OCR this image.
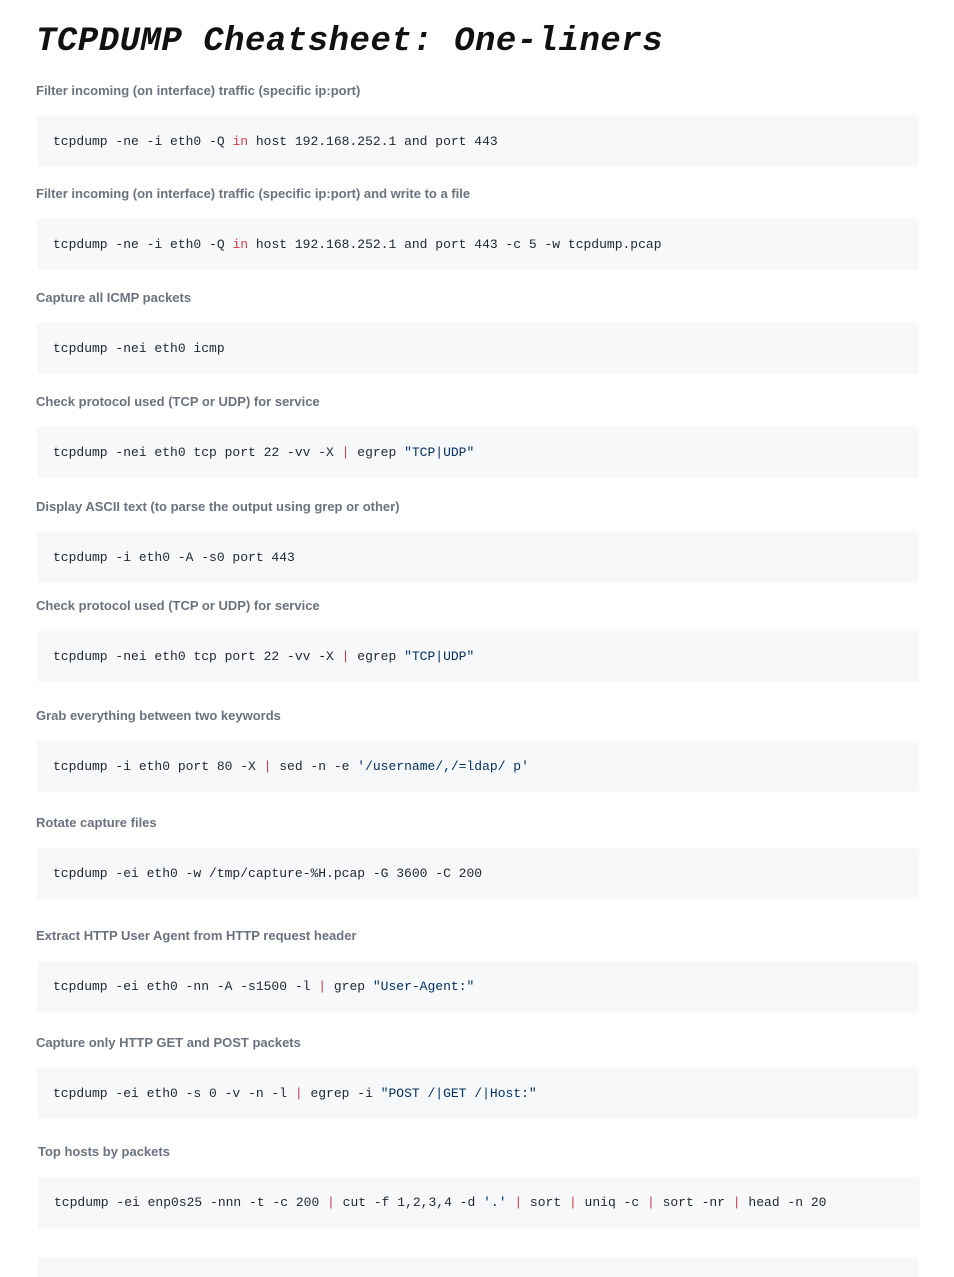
TCPDUMP Cheatsheet: One-liners
Filter incoming (on interface) traffic (specific ip:port)
tcpdump -ne -i eth0 -Q in host 192.168.252.1 and port 443
Filter incoming (on interface) traffic (specific ip:port) and write to a file
tcpdump -ne -i eth0 -Q in host 192.168.252.1 and port 443 -c 5 -w tcpdump.pcap
Capture all ICMP packets
tcpdump -nei eth0 icmp
Check protocol used (TCP or UDP) for service
tcpdump -nei eth0 tcp port 22 -vv -X | egrep "TCP|UDP"
Display ASCII text (to parse the output using grep or other)
tcpdump -i eth0 -A -s0 port 443
Check protocol used (TCP or UDP) for service
tcpdump -nei eth0 tcp port 22 -vv -X | egrep "TCP|UDP"
Grab everything between two keywords
tcpdump -i eth0 port 80 -X | sed -n -e '/username/,/=ldap/ p'
Rotate capture files
tcpdump -ei eth0 -w /tmp/capture-%H.pcap -G 3600 -C 200
Extract HTTP User Agent from HTTP request header
tcpdump -ei eth0 -nn -A -s1500 -l | grep "User-Agent:"
Capture only HTTP GET and POST packets
tcpdump -ei eth0 -s 0 -v -n -l | egrep -i "POST /|GET /|Host:"
Top hosts by packets
tcpdump -ei enp0s25 -nnn -t -c 200 | cut -f 1,2,3,4 -d '.'
| sort | uniq -c | sort -nr | head -n 20
